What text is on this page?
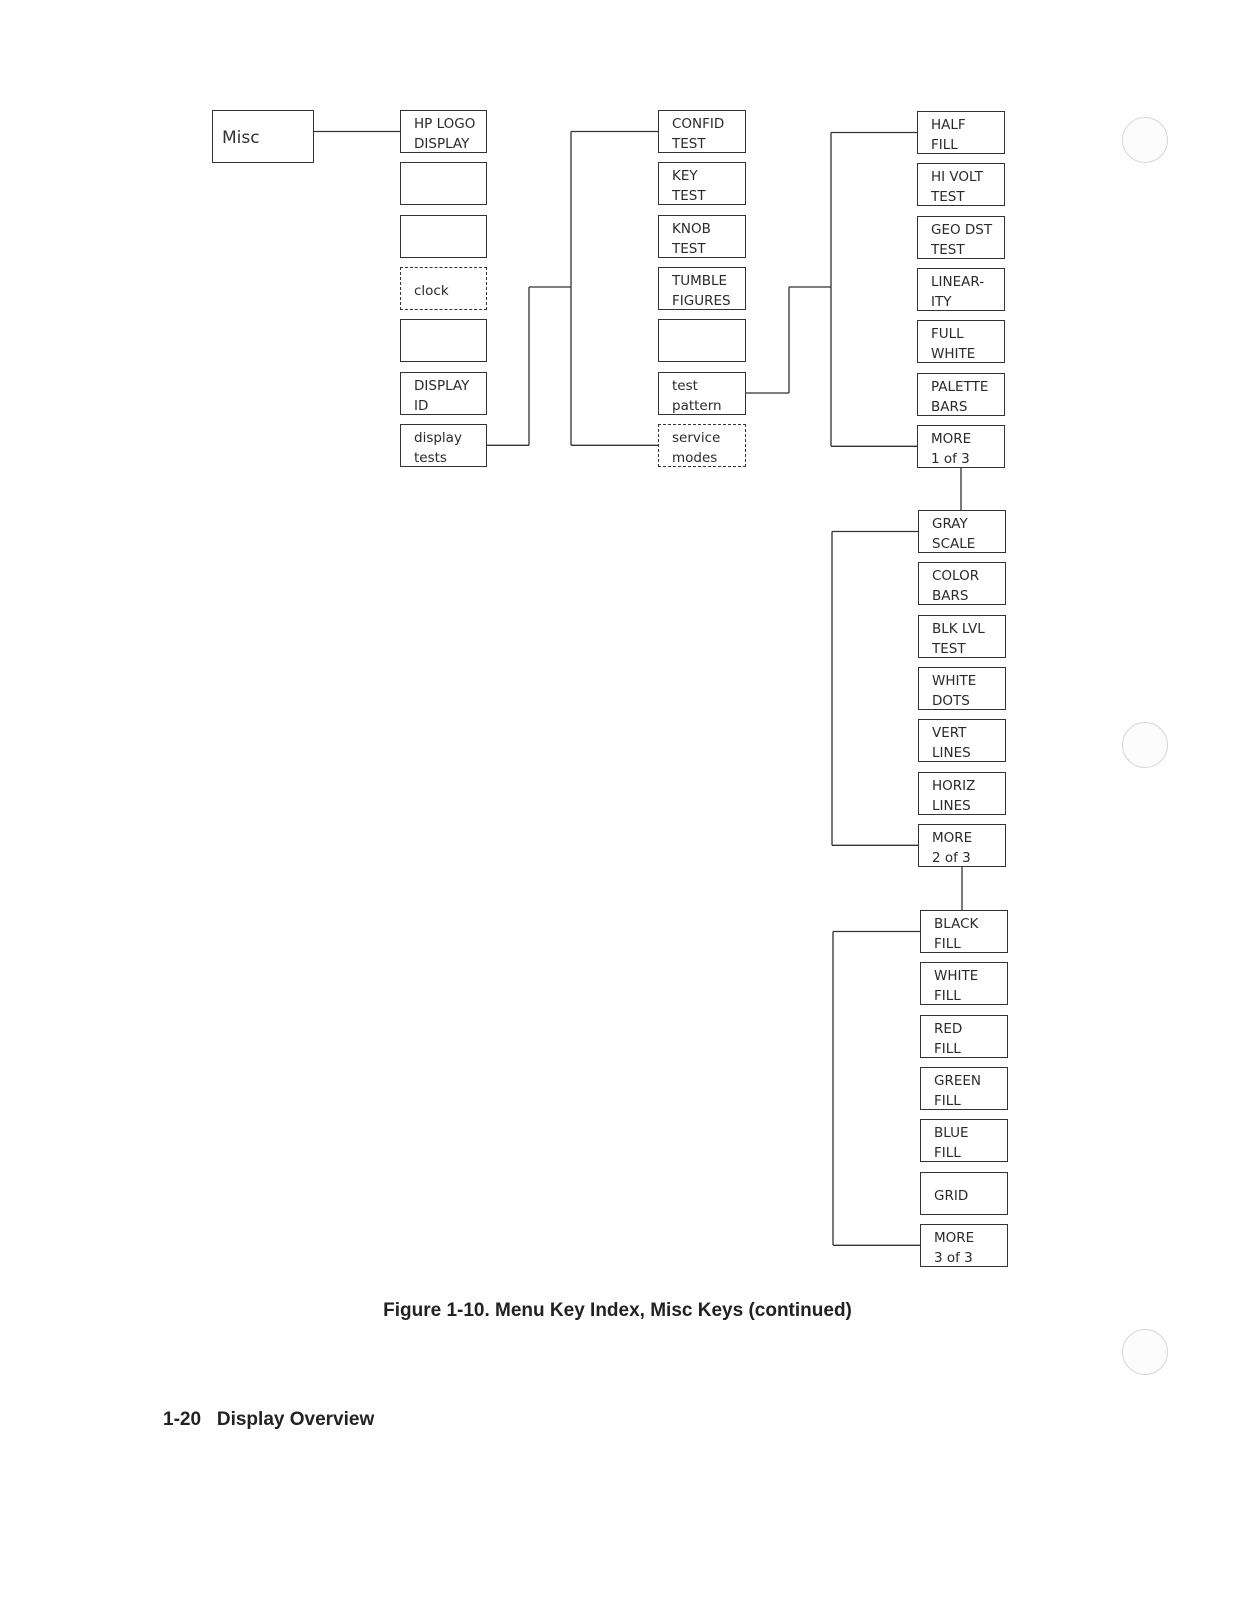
Misc
HP LOGO
DISPLAY
clock
DISPLAY
ID
display
tests
CONFID
TEST
KEY
TEST
KNOB
TEST
TUMBLE
FIGURES
test
pattern
service
modes
HALF
FILL
HI VOLT
TEST
GEO DST
TEST
LINEAR-
ITY
FULL
WHITE
PALETTE
BARS
MORE
1 of 3
GRAY
SCALE
COLOR
BARS
BLK LVL
TEST
WHITE
DOTS
VERT
LINES
HORIZ
LINES
MORE
2 of 3
BLACK
FILL
WHITE
FILL
RED
FILL
GREEN
FILL
BLUE
FILL
GRID
MORE
3 of 3
Figure 1-10. Menu Key Index, Misc Keys (continued)
1-20   Display Overview
